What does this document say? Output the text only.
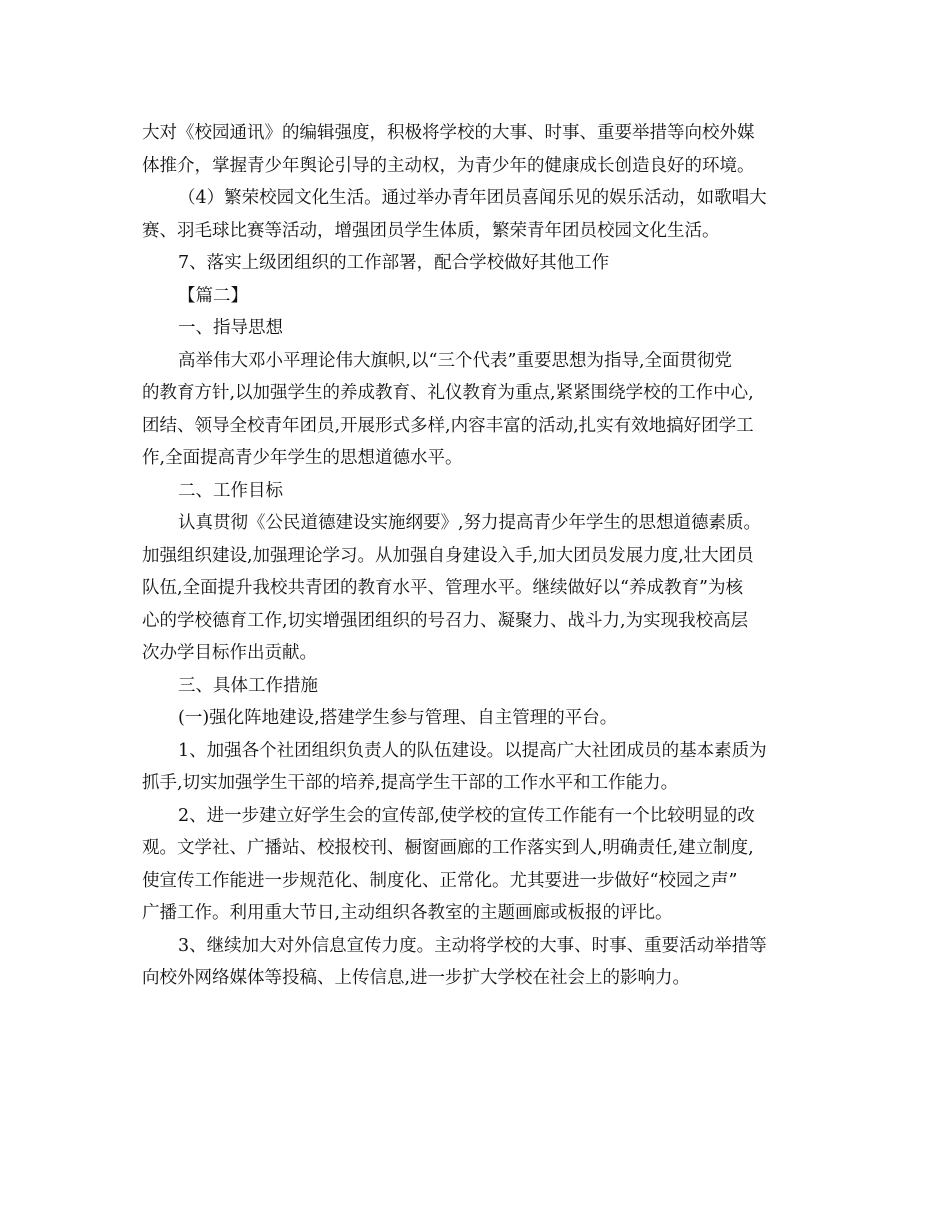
大对《校园通讯》的编辑强度，积极将学校的大事、时事、重要举措等向校外媒
体推介，掌握青少年舆论引导的主动权，为青少年的健康成长创造良好的环境。
（4）繁荣校园文化生活。通过举办青年团员喜闻乐见的娱乐活动，如歌唱大
赛、羽毛球比赛等活动，增强团员学生体质，繁荣青年团员校园文化生活。
7、落实上级团组织的工作部署，配合学校做好其他工作
【篇二】
一、指导思想
高举伟大邓小平理论伟大旗帜,以“三个代表”重要思想为指导,全面贯彻党
的教育方针,以加强学生的养成教育、礼仪教育为重点,紧紧围绕学校的工作中心,
团结、领导全校青年团员,开展形式多样,内容丰富的活动,扎实有效地搞好团学工
作,全面提高青少年学生的思想道德水平。
二、工作目标
认真贯彻《公民道德建设实施纲要》,努力提高青少年学生的思想道德素质。
加强组织建设,加强理论学习。从加强自身建设入手,加大团员发展力度,壮大团员
队伍,全面提升我校共青团的教育水平、管理水平。继续做好以“养成教育”为核
心的学校德育工作,切实增强团组织的号召力、凝聚力、战斗力,为实现我校高层
次办学目标作出贡献。
三、具体工作措施
(一)强化阵地建设,搭建学生参与管理、自主管理的平台。
1、加强各个社团组织负责人的队伍建设。以提高广大社团成员的基本素质为
抓手,切实加强学生干部的培养,提高学生干部的工作水平和工作能力。
2、进一步建立好学生会的宣传部,使学校的宣传工作能有一个比较明显的改
观。文学社、广播站、校报校刊、橱窗画廊的工作落实到人,明确责任,建立制度,
使宣传工作能进一步规范化、制度化、正常化。尤其要进一步做好“校园之声”
广播工作。利用重大节日,主动组织各教室的主题画廊或板报的评比。
3、继续加大对外信息宣传力度。主动将学校的大事、时事、重要活动举措等
向校外网络媒体等投稿、上传信息,进一步扩大学校在社会上的影响力。
